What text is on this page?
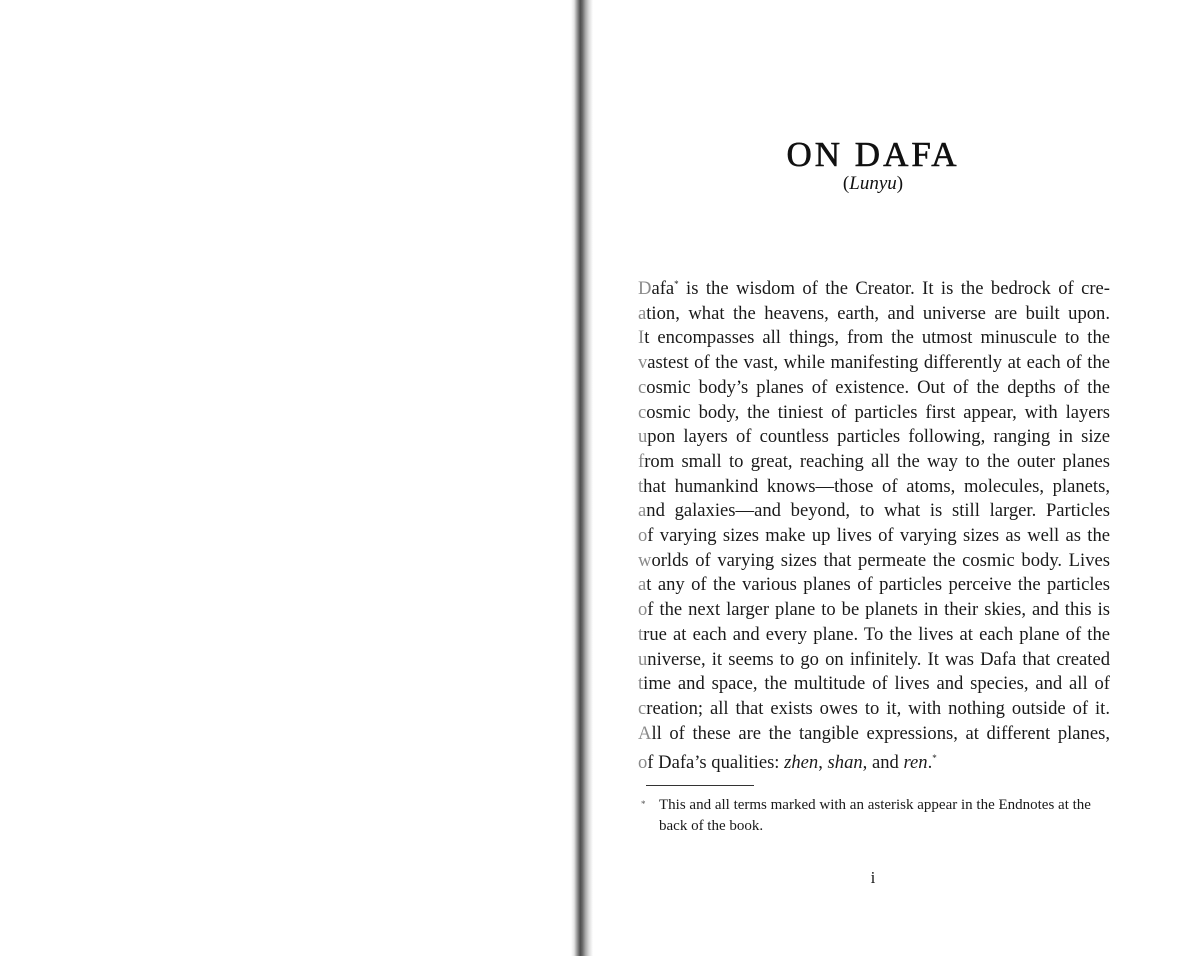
ON DAFA
(Lunyu)
Dafa* is the wisdom of the Creator. It is the bedrock of cre-
ation, what the heavens, earth, and universe are built upon.
It encompasses all things, from the utmost minuscule to the
vastest of the vast, while manifesting differently at each of the
cosmic body’s planes of existence. Out of the depths of the
cosmic body, the tiniest of particles first appear, with layers
upon layers of countless particles following, ranging in size
from small to great, reaching all the way to the outer planes
that humankind knows—those of atoms, molecules, planets,
and galaxies—and beyond, to what is still larger. Particles
of varying sizes make up lives of varying sizes as well as the
worlds of varying sizes that permeate the cosmic body. Lives
at any of the various planes of particles perceive the particles
of the next larger plane to be planets in their skies, and this is
true at each and every plane. To the lives at each plane of the
universe, it seems to go on infinitely. It was Dafa that created
time and space, the multitude of lives and species, and all of
creation; all that exists owes to it, with nothing outside of it.
All of these are the tangible expressions, at different planes,
of Dafa’s qualities: zhen, shan, and ren.*
* This and all terms marked with an asterisk appear in the Endnotes at the back of the book.
i
